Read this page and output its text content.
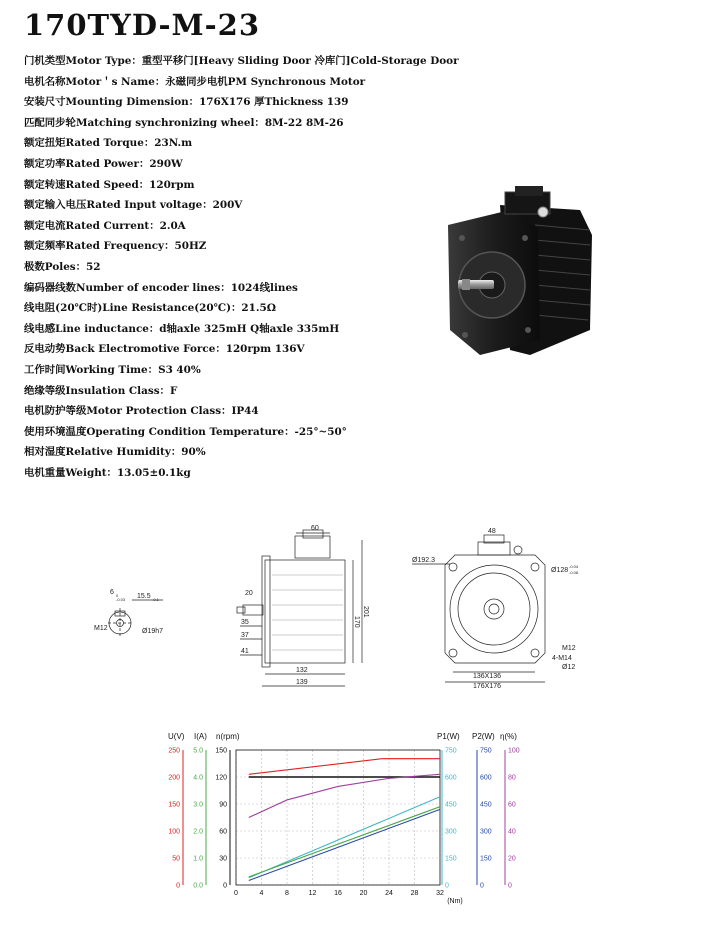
170TYD-M-23
门机类型Motor Type：重型平移门[Heavy Sliding Door 冷库门]Cold-Storage Door
电机名称Motor＇s Name：永磁同步电机PM Synchronous Motor
安装尺寸Mounting Dimension：176X176 厚Thickness 139
匹配同步轮Matching synchronizing wheel：8M-22 8M-26
额定扭矩Rated Torque：23N.m
额定功率Rated Power：290W
额定转速Rated Speed：120rpm
额定输入电压Rated Input voltage：200V
额定电流Rated Current：2.0A
额定频率Rated Frequency：50HZ
极数Poles：52
编码器线数Number of encoder lines：1024线lines
线电阻(20℃时)Line Resistance(20℃)：21.5Ω
线电感Line inductance：d轴axle 325mH Q轴axle 335mH
反电动势Back Electromotive Force：120rpm 136V
工作时间Working Time：S3 40%
绝缘等级Insulation Class：F
电机防护等级Motor Protection Class：IP44
使用环境温度Operating Condition Temperature：-25°~50°
相对湿度Relative Humidity：90%
电机重量Weight：13.05±0.1kg
6 0
-0.03 15.5 -0.1
M12	Ø19h7
60
20
35
37
41
170
201
132
139
48
Ø192.3
Ø128
-0.04
-0.08
M12
4-M14
Ø12
136X136
176X176
0	4	8	12	16	20	24	28	32
(Nm)
U(V)
0
50
100
150
200
250
I(A)
0.0
1.0
2.0
3.0
4.0
5.0
n(rpm)
0
30
60
90
120
150
P1(W)
0
150
300
450
600
750
P2(W)
0
150
300
450
600
750
η(%)
0
20
40
60
80
100
